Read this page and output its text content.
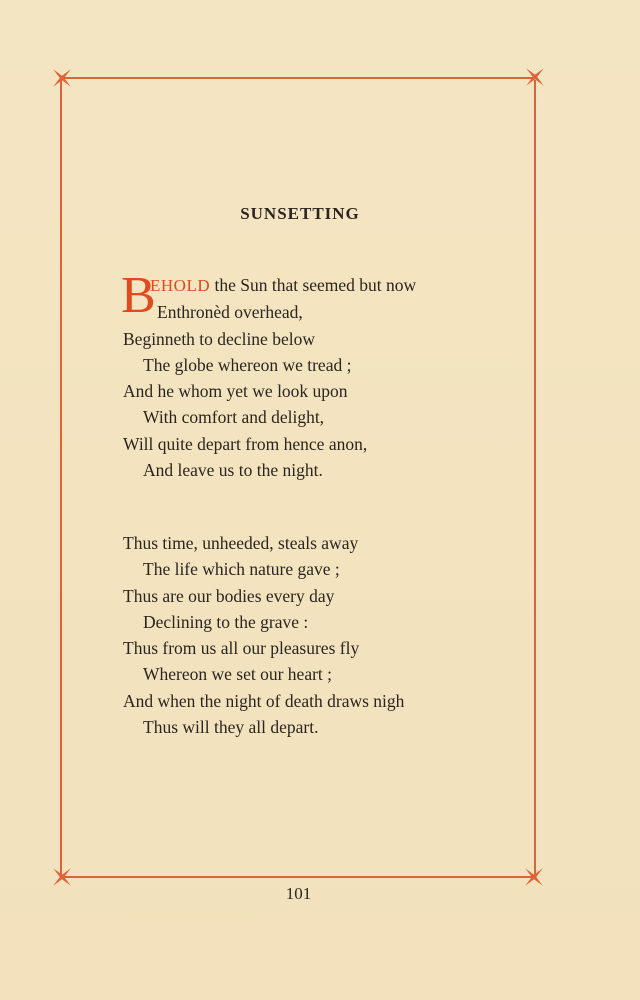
SUNSETTING
B
EHOLD the Sun that seemed but now
Enthronèd overhead,
Beginneth to decline below
The globe whereon we tread ;
And he whom yet we look upon
With comfort and delight,
Will quite depart from hence anon,
And leave us to the night.
Thus time, unheeded, steals away
The life which nature gave ;
Thus are our bodies every day
Declining to the grave :
Thus from us all our pleasures fly
Whereon we set our heart ;
And when the night of death draws nigh
Thus will they all depart.
101
